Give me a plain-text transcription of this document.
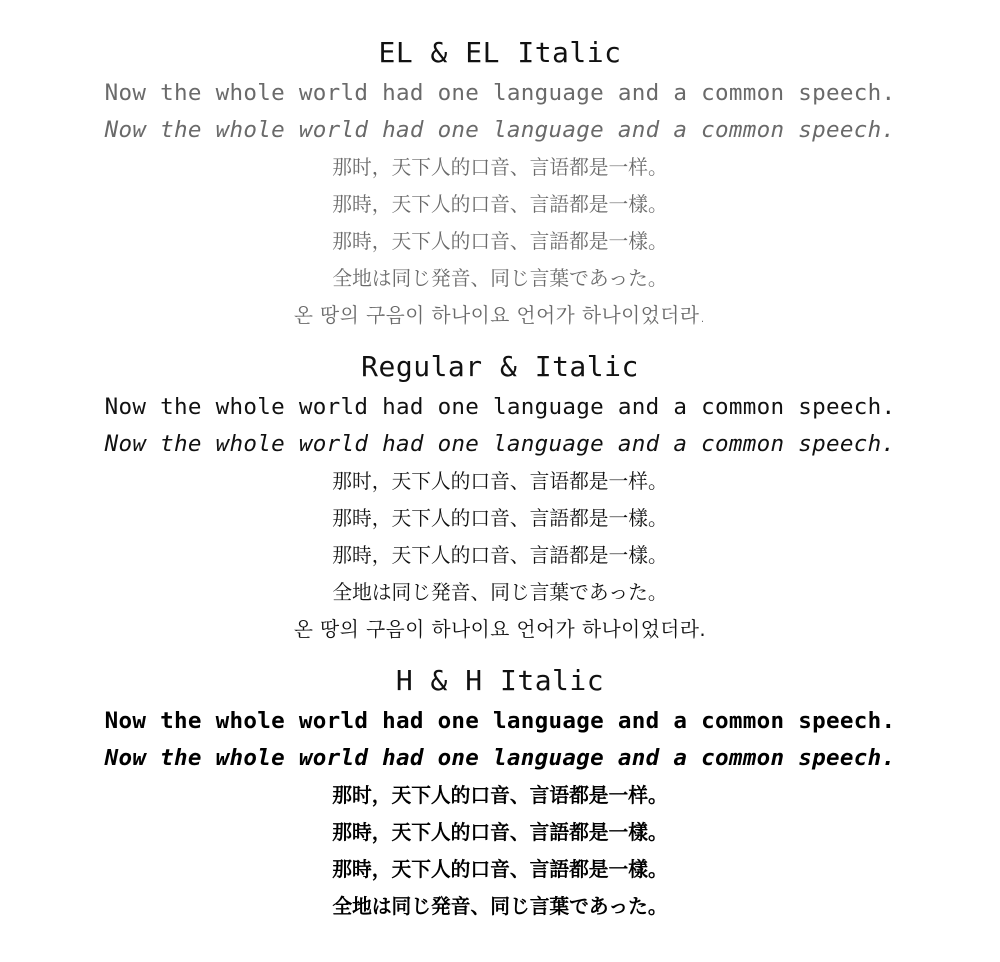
EL & EL Italic

Now the whole world had one language and a common speech.

Now the whole world had one language and a common speech.

那时，天下人的口音、言语都是一样。

那時，天下人的口音、言語都是一樣。

那時，天下人的口音、言語都是一樣。

全地は同じ発音、同じ言葉であった。

온 땅의 구음이 하나이요 언어가 하나이었더라.

Regular & Italic

Now the whole world had one language and a common speech.

Now the whole world had one language and a common speech.

那时，天下人的口音、言语都是一样。

那時，天下人的口音、言語都是一樣。

那時，天下人的口音、言語都是一樣。

全地は同じ発音、同じ言葉であった。

온 땅의 구음이 하나이요 언어가 하나이었더라.

H & H Italic

Now the whole world had one language and a common speech.

Now the whole world had one language and a common speech.

那时，天下人的口音、言语都是一样。

那時，天下人的口音、言語都是一樣。

那時，天下人的口音、言語都是一樣。

全地は同じ発音、同じ言葉であった。
